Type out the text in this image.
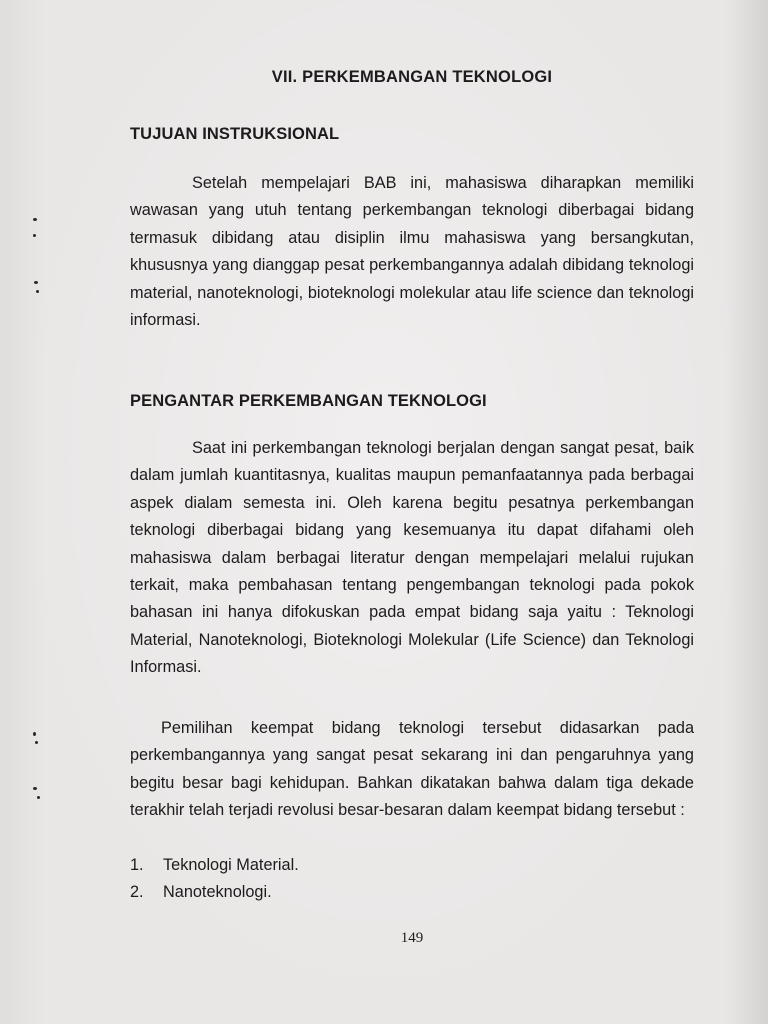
VII. PERKEMBANGAN TEKNOLOGI
TUJUAN INSTRUKSIONAL

Setelah mempelajari BAB ini, mahasiswa diharapkan memiliki wawasan yang utuh tentang perkembangan teknologi diberbagai bidang termasuk dibidang atau disiplin ilmu mahasiswa yang bersangkutan, khususnya yang dianggap pesat perkembangannya adalah dibidang teknologi material, nanoteknologi, bioteknologi molekular atau life science dan teknologi informasi.

PENGANTAR PERKEMBANGAN TEKNOLOGI

Saat ini perkembangan teknologi berjalan dengan sangat pesat, baik dalam jumlah kuantitasnya, kualitas maupun pemanfaatannya pada berbagai aspek dialam semesta ini. Oleh karena begitu pesatnya perkembangan teknologi diberbagai bidang yang kesemuanya itu dapat difahami oleh mahasiswa dalam berbagai literatur dengan mempelajari melalui rujukan terkait, maka pembahasan tentang pengembangan teknologi pada pokok bahasan ini hanya difokuskan pada empat bidang saja yaitu : Teknologi Material, Nanoteknologi, Bioteknologi Molekular (Life Science) dan Teknologi Informasi.

Pemilihan keempat bidang teknologi tersebut didasarkan pada perkembangannya yang sangat pesat sekarang ini dan pengaruhnya yang begitu besar bagi kehidupan. Bahkan dikatakan bahwa dalam tiga dekade terakhir telah terjadi revolusi besar-besaran dalam keempat bidang tersebut :

1.	Teknologi Material.
2.	Nanoteknologi.
149
